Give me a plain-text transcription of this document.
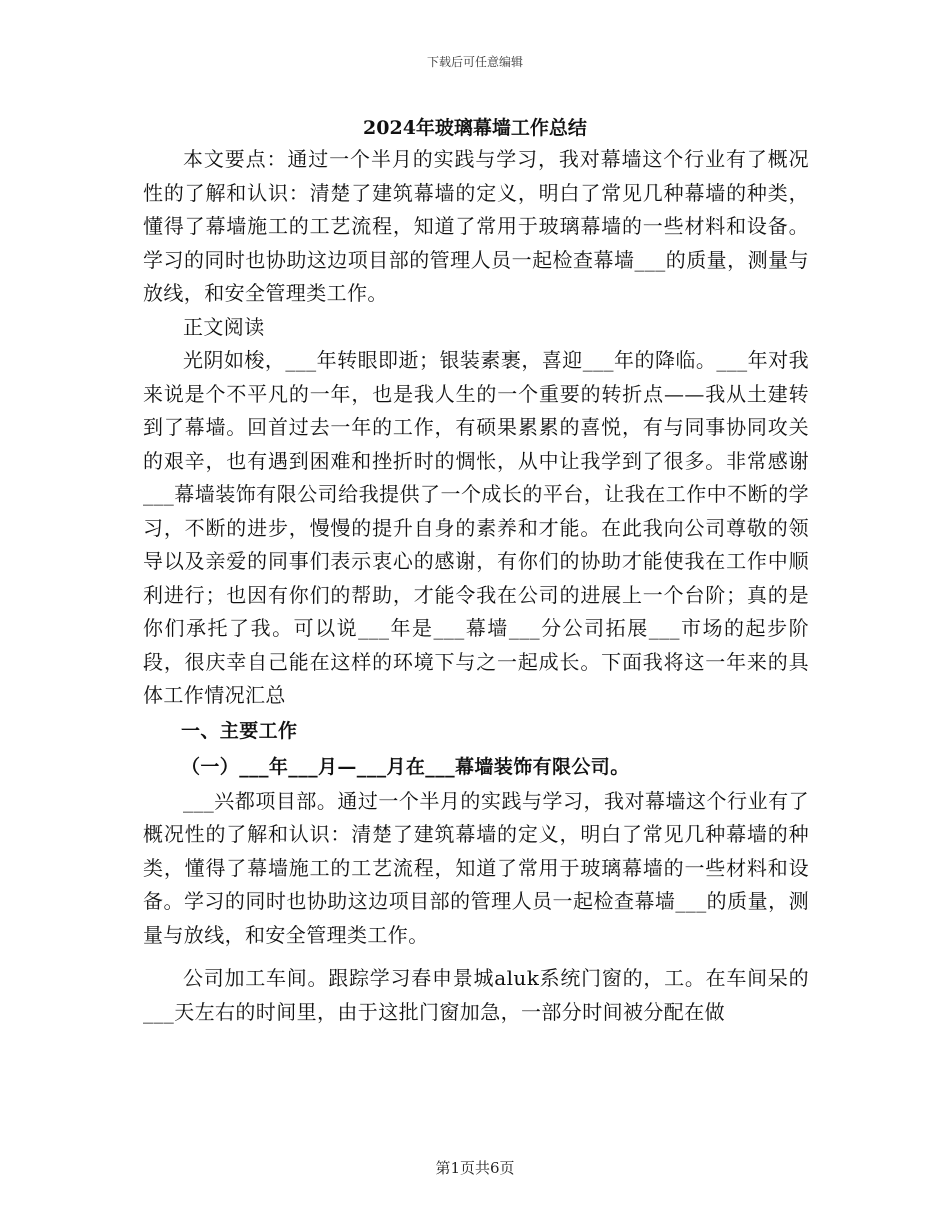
下载后可任意编辑
2024年玻璃幕墙工作总结

本文要点：通过一个半月的实践与学习，我对幕墙这个行业有了概况性的了解和认识：清楚了建筑幕墙的定义，明白了常见几种幕墙的种类，懂得了幕墙施工的工艺流程，知道了常用于玻璃幕墙的一些材料和设备。学习的同时也协助这边项目部的管理人员一起检查幕墙___的质量，测量与放线，和安全管理类工作。

正文阅读

光阴如梭，___年转眼即逝；银装素裹，喜迎___年的降临。___年对我来说是个不平凡的一年，也是我人生的一个重要的转折点——我从土建转到了幕墙。回首过去一年的工作，有硕果累累的喜悦，有与同事协同攻关的艰辛，也有遇到困难和挫折时的惆怅，从中让我学到了很多。非常感谢___幕墙装饰有限公司给我提供了一个成长的平台，让我在工作中不断的学习，不断的进步，慢慢的提升自身的素养和才能。在此我向公司尊敬的领导以及亲爱的同事们表示衷心的感谢，有你们的协助才能使我在工作中顺利进行；也因有你们的帮助，才能令我在公司的进展上一个台阶；真的是你们承托了我。可以说___年是___幕墙___分公司拓展___市场的起步阶段，很庆幸自己能在这样的环境下与之一起成长。下面我将这一年来的具体工作情况汇总

一、主要工作

（一）___年___月—___月在___幕墙装饰有限公司。

___兴都项目部。通过一个半月的实践与学习，我对幕墙这个行业有了概况性的了解和认识：清楚了建筑幕墙的定义，明白了常见几种幕墙的种类，懂得了幕墙施工的工艺流程，知道了常用于玻璃幕墙的一些材料和设备。学习的同时也协助这边项目部的管理人员一起检查幕墙___的质量，测量与放线，和安全管理类工作。

公司加工车间。跟踪学习春申景城aluk系统门窗的，工。在车间呆的___天左右的时间里，由于这批门窗加急，一部分时间被分配在做

第1页共6页
